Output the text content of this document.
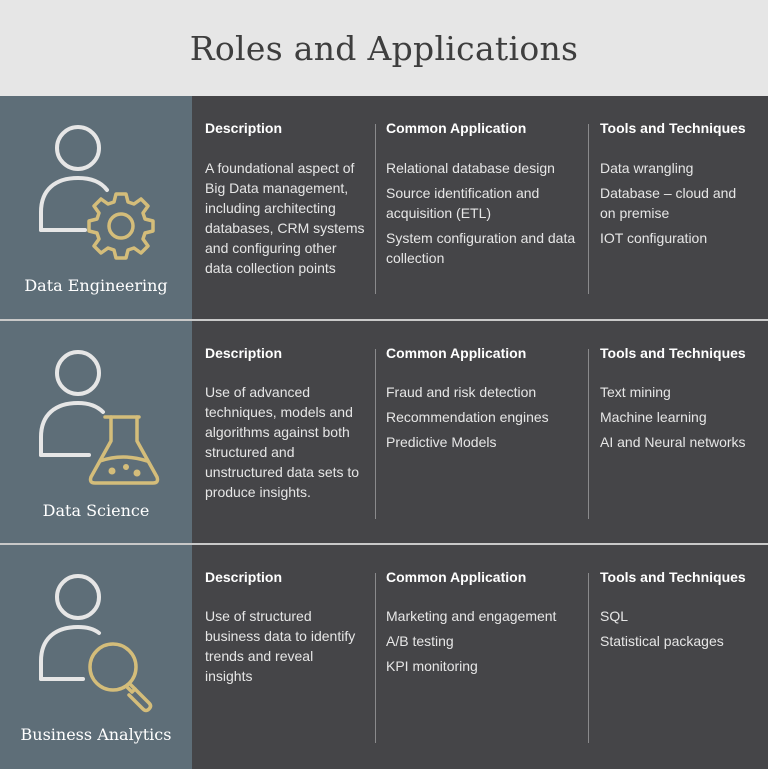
Roles and Applications
Data Engineering
Description
A foundational aspect of
Big Data management,
including architecting
databases, CRM systems
and configuring other
data collection points
Common Application
Relational database design
Source identification and
acquisition (ETL)
System configuration and data
collection
Tools and Techniques
Data wrangling
Database – cloud and
on premise
IOT configuration
Data Science
Description
Use of advanced
techniques, models and
algorithms against both
structured and
unstructured data sets to
produce insights.
Common Application
Fraud and risk detection
Recommendation engines
Predictive Models
Tools and Techniques
Text mining
Machine learning
AI and Neural networks
Business Analytics
Description
Use of structured
business data to identify
trends and reveal
insights
Common Application
Marketing and engagement
A/B testing
KPI monitoring
Tools and Techniques
SQL
Statistical packages
